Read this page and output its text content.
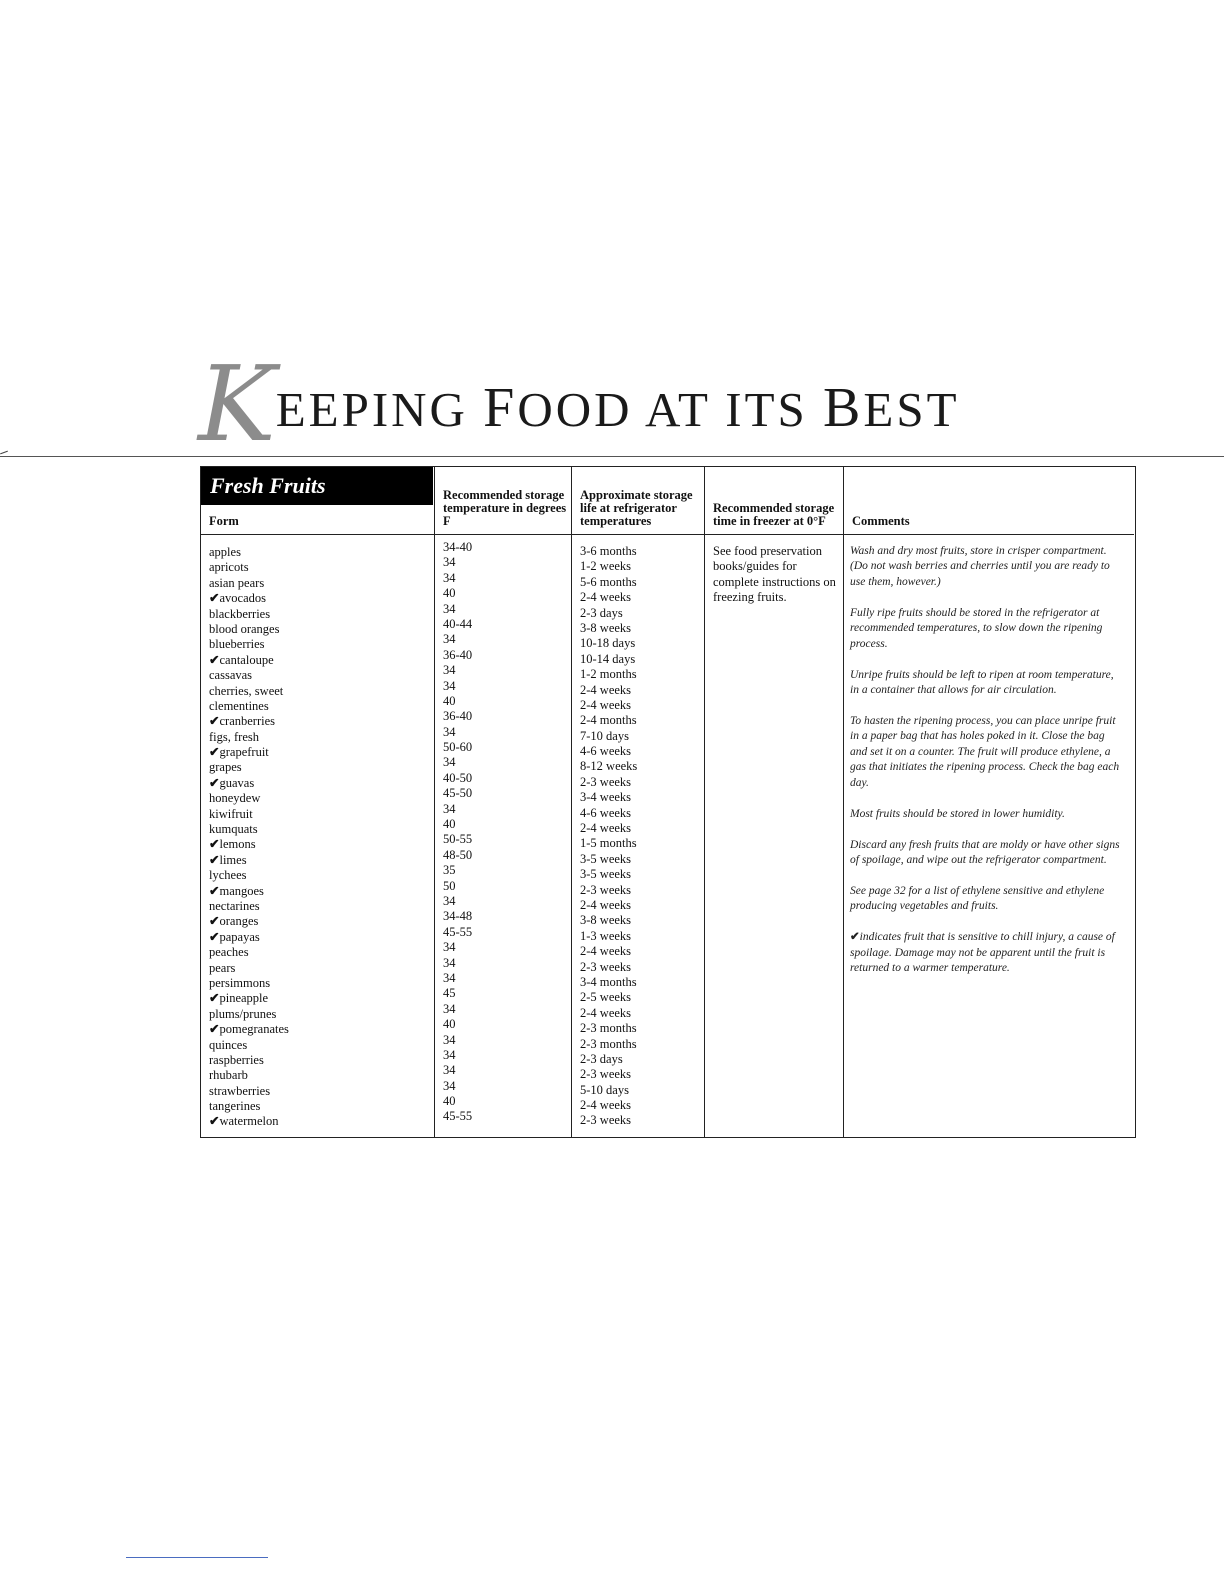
K EEPING FOOD AT ITS BEST
Fresh Fruits
Form
apples
apricots
asian pears
✔avocados
blackberries
blood oranges
blueberries
✔cantaloupe
cassavas
cherries, sweet
clementines
✔cranberries
figs, fresh
✔grapefruit
grapes
✔guavas
honeydew
kiwifruit
kumquats
✔lemons
✔limes
lychees
✔mangoes
nectarines
✔oranges
✔papayas
peaches
pears
persimmons
✔pineapple
plums/prunes
✔pomegranates
quinces
raspberries
rhubarb
strawberries
tangerines
✔watermelon
Recommended storage temperature in degrees F
34-40
34
34
40
34
40-44
34
36-40
34
34
40
36-40
34
50-60
34
40-50
45-50
34
40
50-55
48-50
35
50
34
34-48
45-55
34
34
34
45
34
40
34
34
34
34
40
45-55
Approximate storage life at refrigerator temperatures
3-6 months
1-2 weeks
5-6 months
2-4 weeks
2-3 days
3-8 weeks
10-18 days
10-14 days
1-2 months
2-4 weeks
2-4 weeks
2-4 months
7-10 days
4-6 weeks
8-12 weeks
2-3 weeks
3-4 weeks
4-6 weeks
2-4 weeks
1-5 months
3-5 weeks
3-5 weeks
2-3 weeks
2-4 weeks
3-8 weeks
1-3 weeks
2-4 weeks
2-3 weeks
3-4 months
2-5 weeks
2-4 weeks
2-3 months
2-3 months
2-3 days
2-3 weeks
5-10 days
2-4 weeks
2-3 weeks
Recommended storage time in freezer at 0°F
See food preservation books/guides for complete instructions on freezing fruits.
Comments
Wash and dry most fruits, store in crisper compartment. (Do not wash berries and cherries until you are ready to use them, however.)
Fully ripe fruits should be stored in the refrigerator at recommended temperatures, to slow down the ripening process.
Unripe fruits should be left to ripen at room temperature, in a container that allows for air circulation.
To hasten the ripening process, you can place unripe fruit in a paper bag that has holes poked in it. Close the bag and set it on a counter. The fruit will produce ethylene, a gas that initiates the ripening process. Check the bag each day.
Most fruits should be stored in lower humidity.
Discard any fresh fruits that are moldy or have other signs of spoilage, and wipe out the refrigerator compartment.
See page 32 for a list of ethylene sensitive and ethylene producing vegetables and fruits.
✔indicates fruit that is sensitive to chill injury, a cause of spoilage. Damage may not be apparent until the fruit is returned to a warmer temperature.
